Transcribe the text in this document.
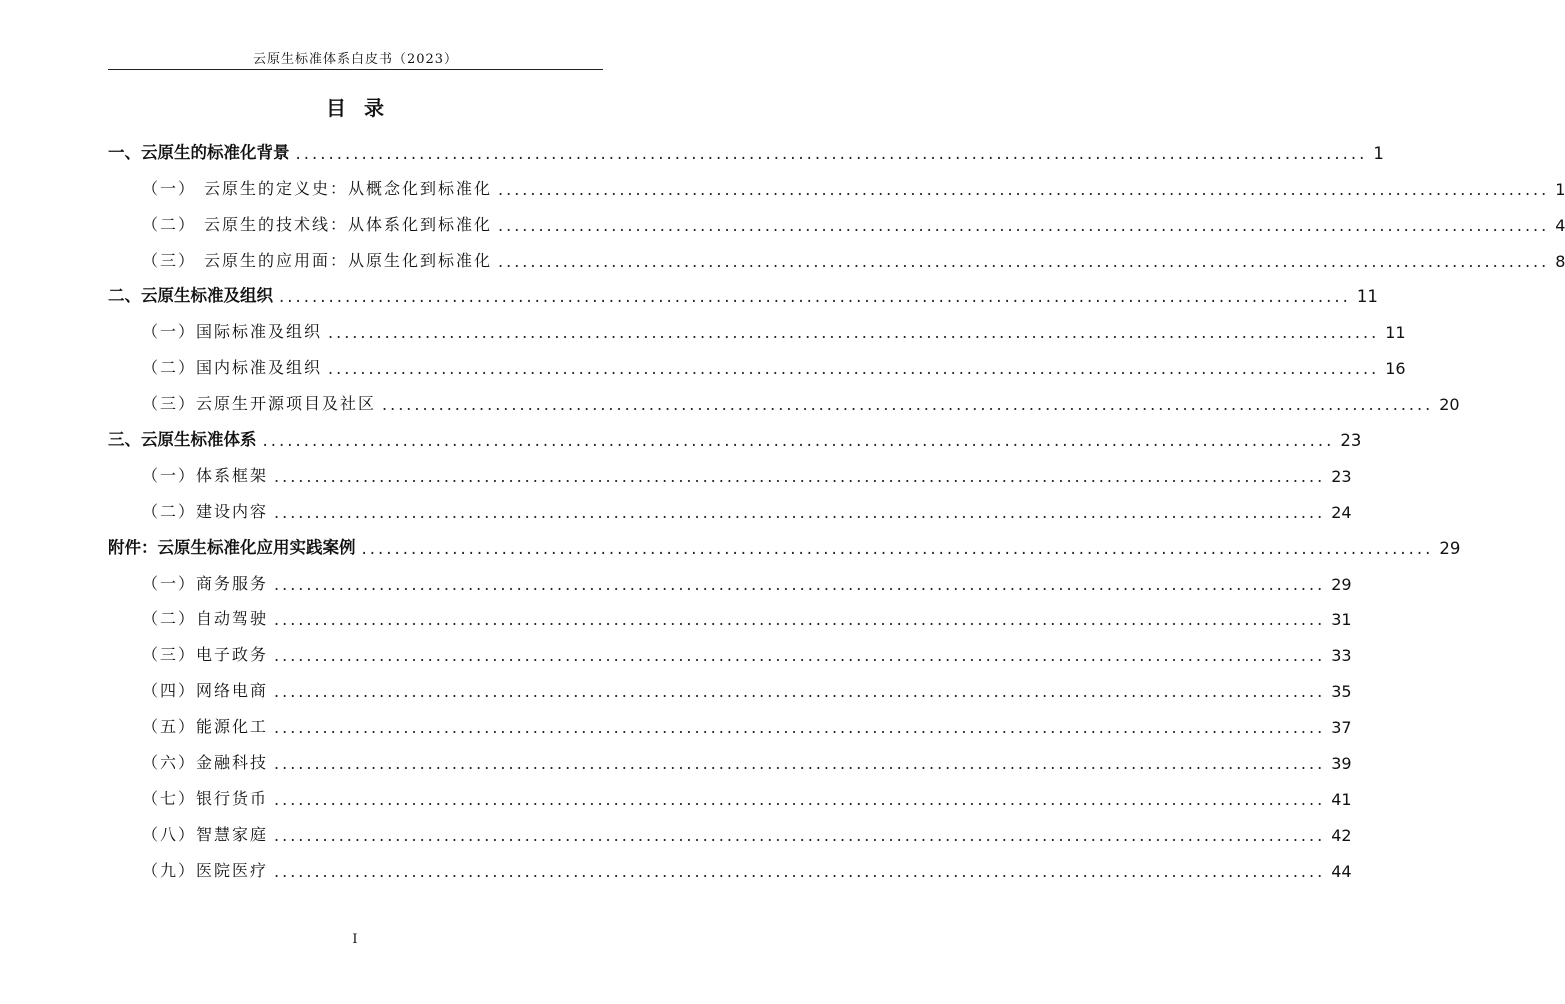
云原生标准体系白皮书（2023）
目 录
一、云原生的标准化背景 .................................................................................................................................. 1
（一） 云原生的定义史：从概念化到标准化 .................................................................................................................................. 1
（二） 云原生的技术线：从体系化到标准化 .................................................................................................................................. 4
（三） 云原生的应用面：从原生化到标准化 .................................................................................................................................. 8
二、云原生标准及组织 .................................................................................................................................. 11
（一）国际标准及组织 .................................................................................................................................. 11
（二）国内标准及组织 .................................................................................................................................. 16
（三）云原生开源项目及社区 .................................................................................................................................. 20
三、云原生标准体系 .................................................................................................................................. 23
（一）体系框架 .................................................................................................................................. 23
（二）建设内容 .................................................................................................................................. 24
附件：云原生标准化应用实践案例 .................................................................................................................................. 29
（一）商务服务 .................................................................................................................................. 29
（二）自动驾驶 .................................................................................................................................. 31
（三）电子政务 .................................................................................................................................. 33
（四）网络电商 .................................................................................................................................. 35
（五）能源化工 .................................................................................................................................. 37
（六）金融科技 .................................................................................................................................. 39
（七）银行货币 .................................................................................................................................. 41
（八）智慧家庭 .................................................................................................................................. 42
（九）医院医疗 .................................................................................................................................. 44
I
